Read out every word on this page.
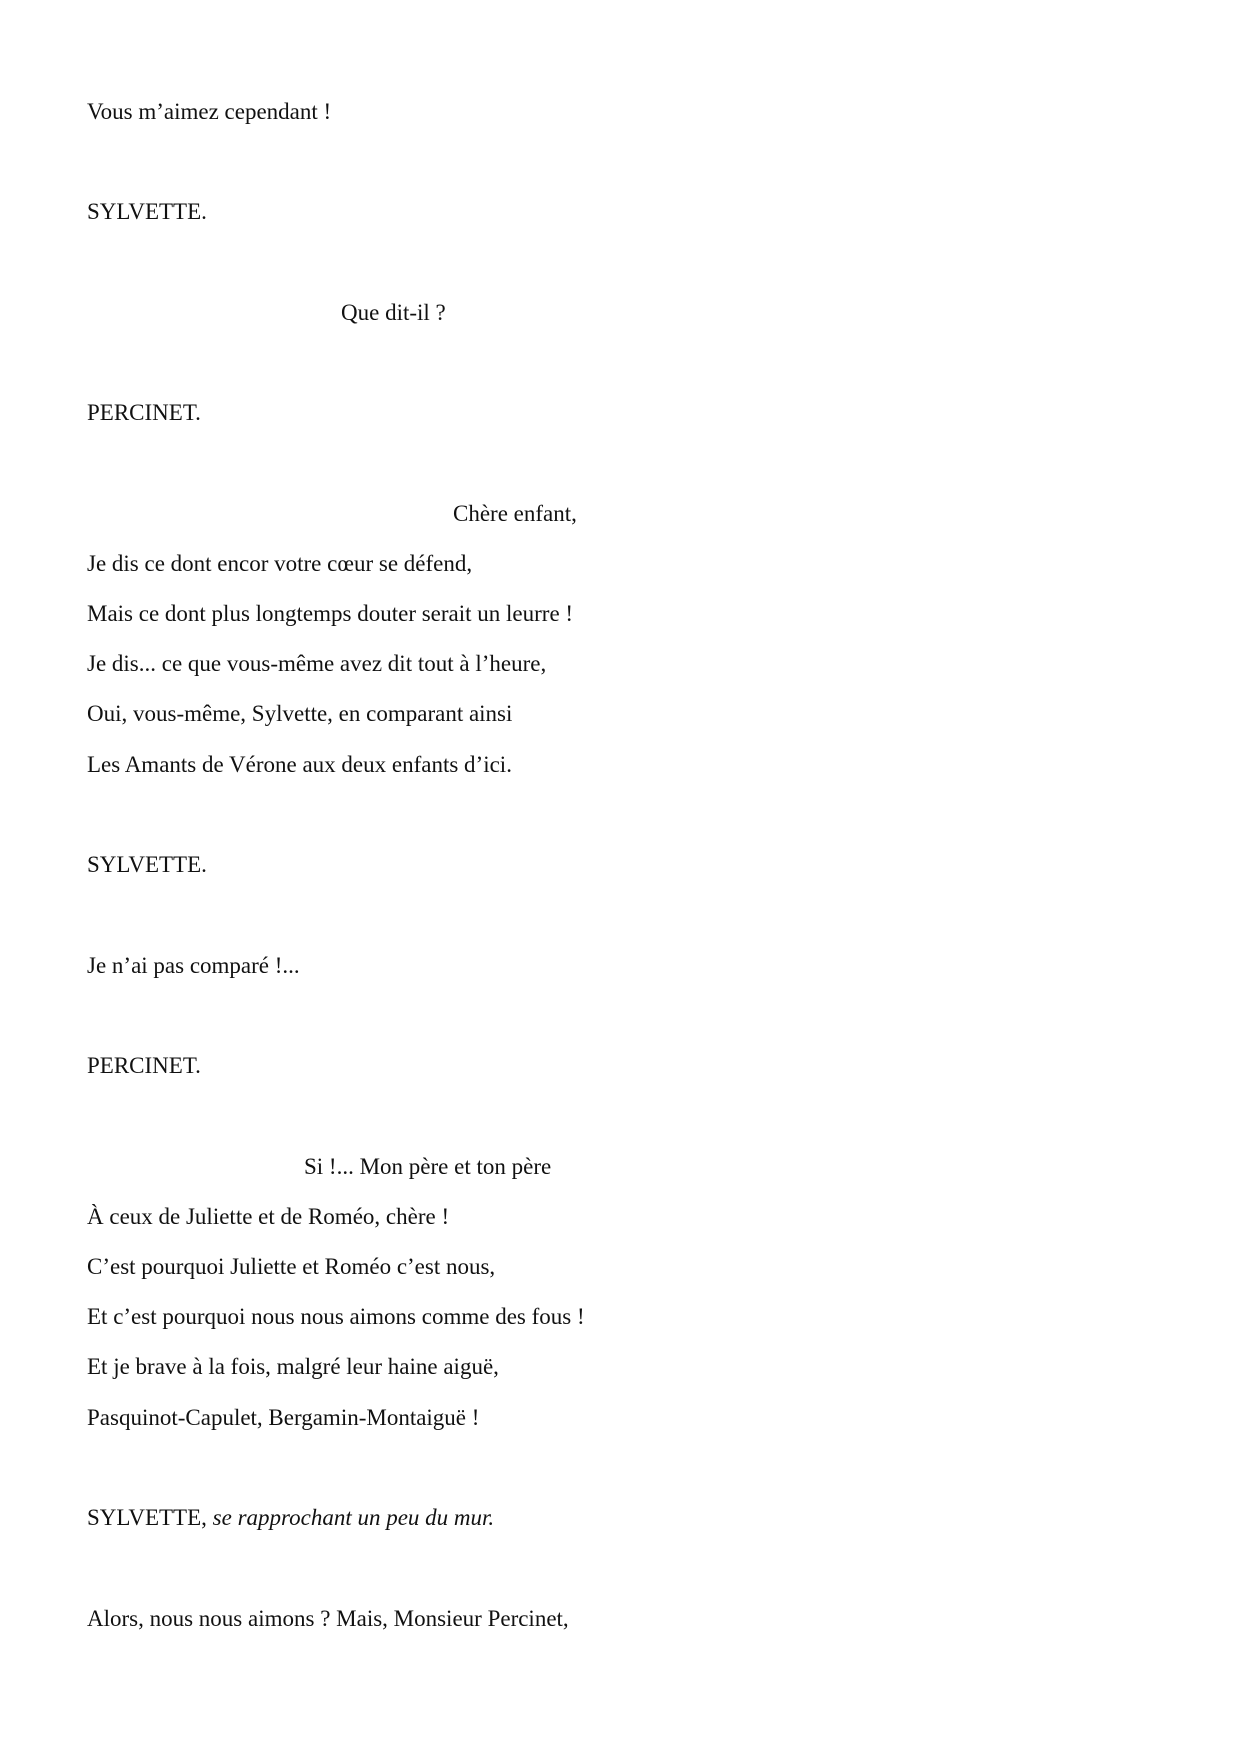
Vous m’aimez cependant !
SYLVETTE.
Que dit-il ?
PERCINET.
Chère enfant,
Je dis ce dont encor votre cœur se défend,
Mais ce dont plus longtemps douter serait un leurre !
Je dis... ce que vous-même avez dit tout à l’heure,
Oui, vous-même, Sylvette, en comparant ainsi
Les Amants de Vérone aux deux enfants d’ici.
SYLVETTE.
Je n’ai pas comparé !...
PERCINET.
Si !... Mon père et ton père
À ceux de Juliette et de Roméo, chère !
C’est pourquoi Juliette et Roméo c’est nous,
Et c’est pourquoi nous nous aimons comme des fous !
Et je brave à la fois, malgré leur haine aiguë,
Pasquinot-Capulet, Bergamin-Montaiguë !
SYLVETTE, se rapprochant un peu du mur.
Alors, nous nous aimons ? Mais, Monsieur Percinet,
